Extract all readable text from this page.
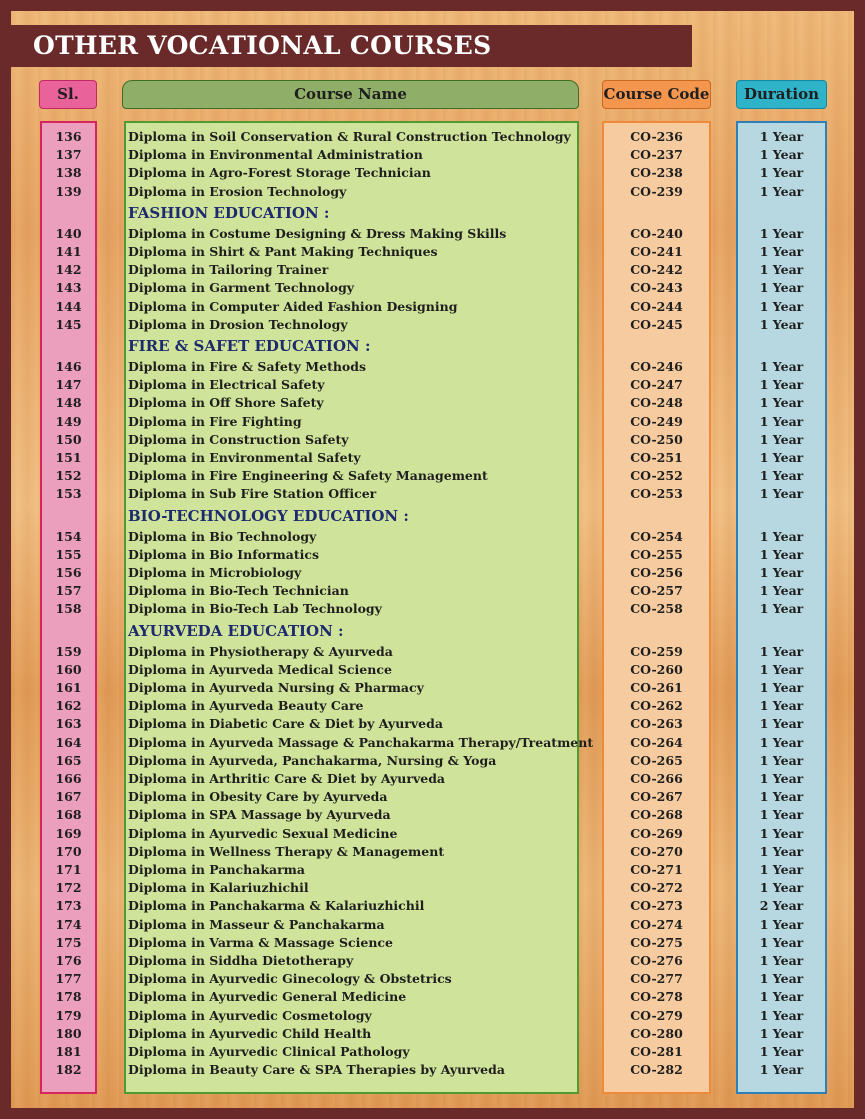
OTHER VOCATIONAL COURSES
Sl.	Course Name	Course Code	Duration
136	Diploma in Soil Conservation & Rural Construction Technology	CO-236	1 Year
137	Diploma in Environmental Administration	CO-237	1 Year
138	Diploma in Agro-Forest Storage Technician	CO-238	1 Year
139	Diploma in Erosion Technology	CO-239	1 Year
FASHION EDUCATION :
140	Diploma in Costume Designing & Dress Making Skills	CO-240	1 Year
141	Diploma in Shirt & Pant Making Techniques	CO-241	1 Year
142	Diploma in Tailoring Trainer	CO-242	1 Year
143	Diploma in Garment Technology	CO-243	1 Year
144	Diploma in Computer Aided Fashion Designing	CO-244	1 Year
145	Diploma in Drosion Technology	CO-245	1 Year
FIRE & SAFET EDUCATION :
146	Diploma in Fire & Safety Methods	CO-246	1 Year
147	Diploma in Electrical Safety	CO-247	1 Year
148	Diploma in Off Shore Safety	CO-248	1 Year
149	Diploma in Fire Fighting	CO-249	1 Year
150	Diploma in Construction Safety	CO-250	1 Year
151	Diploma in Environmental Safety	CO-251	1 Year
152	Diploma in Fire Engineering & Safety Management	CO-252	1 Year
153	Diploma in Sub Fire Station Officer	CO-253	1 Year
BIO-TECHNOLOGY EDUCATION :
154	Diploma in Bio Technology	CO-254	1 Year
155	Diploma in Bio Informatics	CO-255	1 Year
156	Diploma in Microbiology	CO-256	1 Year
157	Diploma in Bio-Tech Technician	CO-257	1 Year
158	Diploma in Bio-Tech Lab Technology	CO-258	1 Year
AYURVEDA EDUCATION :
159	Diploma in Physiotherapy & Ayurveda	CO-259	1 Year
160	Diploma in Ayurveda Medical Science	CO-260	1 Year
161	Diploma in Ayurveda Nursing & Pharmacy	CO-261	1 Year
162	Diploma in Ayurveda Beauty Care	CO-262	1 Year
163	Diploma in Diabetic Care & Diet by Ayurveda	CO-263	1 Year
164	Diploma in Ayurveda Massage & Panchakarma Therapy/Treatment	CO-264	1 Year
165	Diploma in Ayurveda, Panchakarma, Nursing & Yoga	CO-265	1 Year
166	Diploma in Arthritic Care & Diet by Ayurveda	CO-266	1 Year
167	Diploma in Obesity Care by Ayurveda	CO-267	1 Year
168	Diploma in SPA Massage by Ayurveda	CO-268	1 Year
169	Diploma in Ayurvedic Sexual Medicine	CO-269	1 Year
170	Diploma in Wellness Therapy & Management	CO-270	1 Year
171	Diploma in Panchakarma	CO-271	1 Year
172	Diploma in Kalariuzhichil	CO-272	1 Year
173	Diploma in Panchakarma & Kalariuzhichil	CO-273	2 Year
174	Diploma in Masseur & Panchakarma	CO-274	1 Year
175	Diploma in Varma & Massage Science	CO-275	1 Year
176	Diploma in Siddha Dietotherapy	CO-276	1 Year
177	Diploma in Ayurvedic Ginecology & Obstetrics	CO-277	1 Year
178	Diploma in Ayurvedic General Medicine	CO-278	1 Year
179	Diploma in Ayurvedic Cosmetology	CO-279	1 Year
180	Diploma in Ayurvedic Child Health	CO-280	1 Year
181	Diploma in Ayurvedic Clinical Pathology	CO-281	1 Year
182	Diploma in Beauty Care & SPA Therapies by Ayurveda	CO-282	1 Year
